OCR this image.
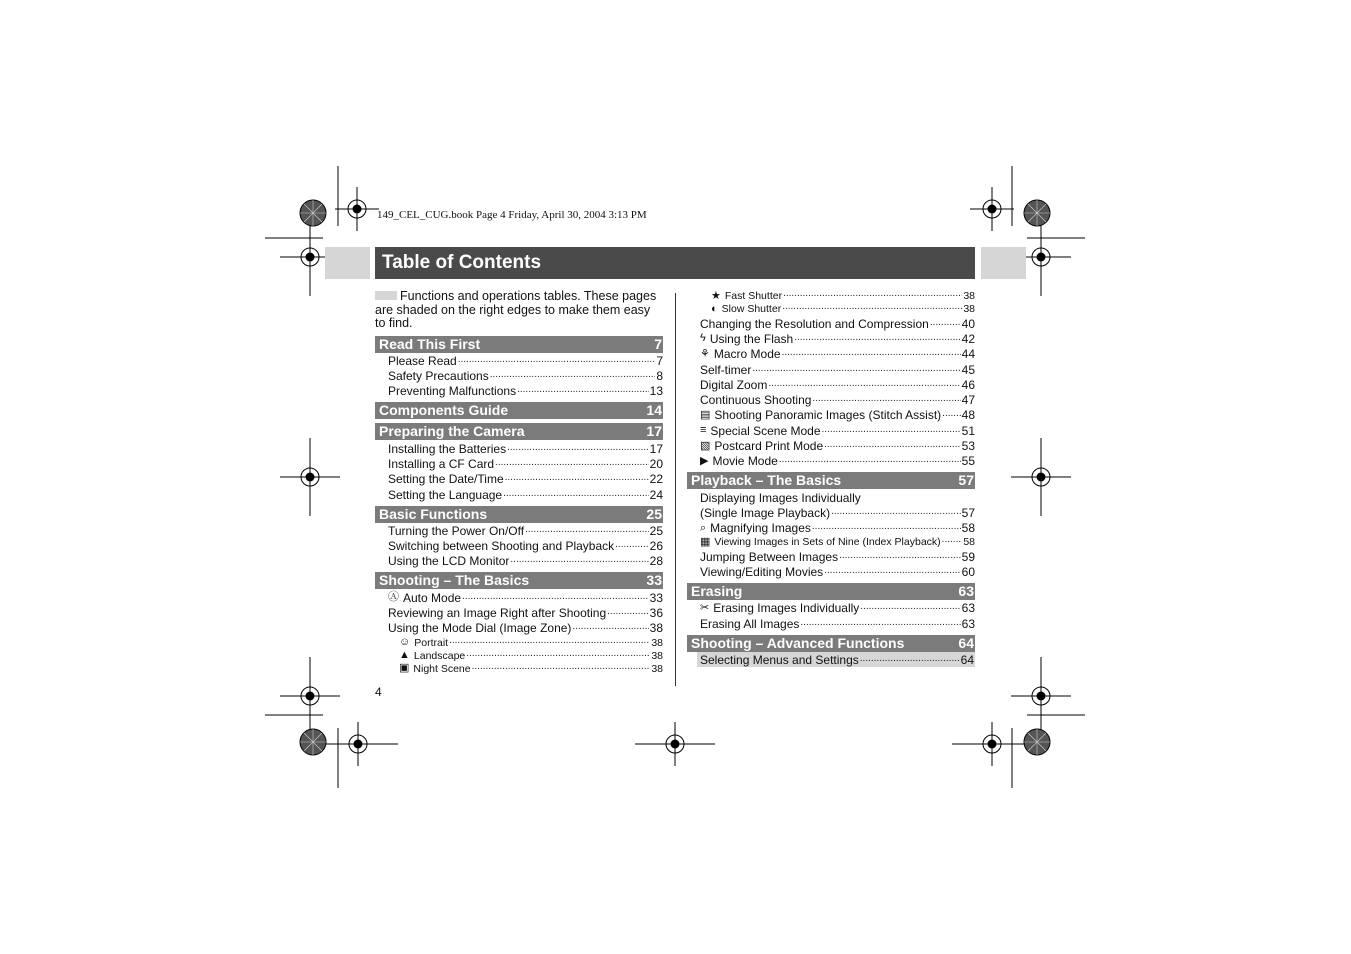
149_CEL_CUG.book Page 4 Friday, April 30, 2004 3:13 PM
Table of Contents
Functions and operations tables. These pages are shaded on the right edges to make them easy to find.
Read This First	7
Please Read .....	7
Safety Precautions .....	8
Preventing Malfunctions .....	13
Components Guide	14
Preparing the Camera	17
Installing the Batteries .....	17
Installing a CF Card .....	20
Setting the Date/Time .....	22
Setting the Language .....	24
Basic Functions	25
Turning the Power On/Off .....	25
Switching between Shooting and Playback .....	26
Using the LCD Monitor .....	28
Shooting – The Basics	33
Ⓐ Auto Mode .....	33
Reviewing an Image Right after Shooting .....	36
Using the Mode Dial (Image Zone) .....	38
☺ Portrait .....	38
▲ Landscape .....	38
▣ Night Scene .....	38
★ Fast Shutter .....	38
◐ Slow Shutter .....	38
Changing the Resolution and Compression .....	40
ϟ Using the Flash .....	42
⚘ Macro Mode .....	44
Self-timer .....	45
Digital Zoom .....	46
Continuous Shooting .....	47
▤ Shooting Panoramic Images (Stitch Assist) ..... 48
≡ Special Scene Mode .....	51
▧ Postcard Print Mode .....	53
▶ Movie Mode .....	55
Playback – The Basics	57
Displaying Images Individually
(Single Image Playback) .....	57
⌕ Magnifying Images .....	58
▦ Viewing Images in Sets of Nine (Index Playback) ..... 58
Jumping Between Images .....	59
Viewing/Editing Movies .....	60
Erasing	63
✂ Erasing Images Individually .....	63
Erasing All Images .....	63
Shooting – Advanced Functions	64
Selecting Menus and Settings .....	64
4
